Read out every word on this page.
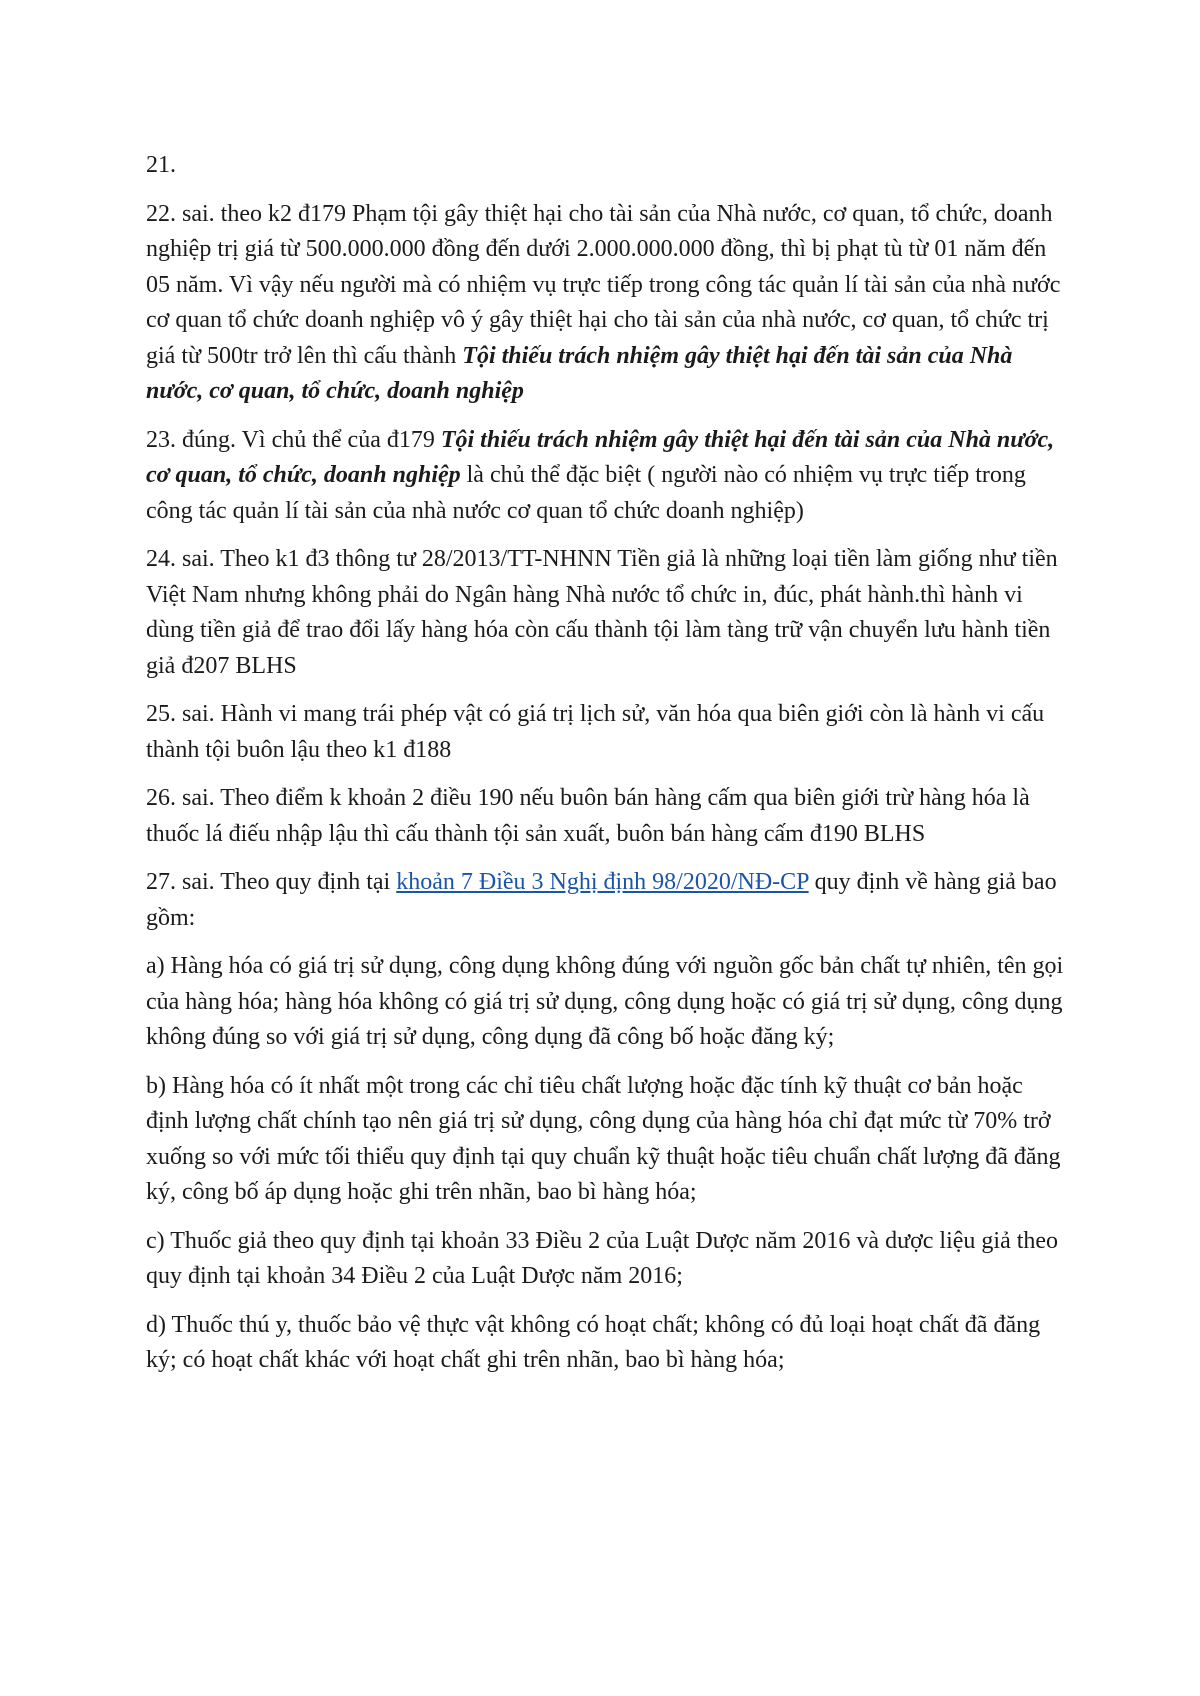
21.

22. sai. theo k2 đ179 Phạm tội gây thiệt hại cho tài sản của Nhà nước, cơ quan, tổ chức, doanh nghiệp trị giá từ 500.000.000 đồng đến dưới 2.000.000.000 đồng, thì bị phạt tù từ 01 năm đến 05 năm. Vì vậy nếu người mà có nhiệm vụ trực tiếp trong công tác quản lí tài sản của nhà nước cơ quan tổ chức doanh nghiệp vô ý gây thiệt hại cho tài sản của nhà nước, cơ quan, tổ chức trị giá từ 500tr trở lên thì cấu thành Tội thiếu trách nhiệm gây thiệt hại đến tài sản của Nhà nước, cơ quan, tổ chức, doanh nghiệp

23. đúng. Vì chủ thể của đ179 Tội thiếu trách nhiệm gây thiệt hại đến tài sản của Nhà nước, cơ quan, tổ chức, doanh nghiệp là chủ thể đặc biệt ( người nào có nhiệm vụ trực tiếp trong công tác quản lí tài sản của nhà nước cơ quan tổ chức doanh nghiệp)

24. sai. Theo k1 đ3 thông tư 28/2013/TT-NHNN Tiền giả là những loại tiền làm giống như tiền Việt Nam nhưng không phải do Ngân hàng Nhà nước tổ chức in, đúc, phát hành.thì hành vi dùng tiền giả để trao đổi lấy hàng hóa còn cấu thành tội làm tàng trữ vận chuyển lưu hành tiền giả đ207 BLHS

25. sai. Hành vi mang trái phép vật có giá trị lịch sử, văn hóa qua biên giới còn là hành vi cấu thành tội buôn lậu theo k1 đ188

26. sai. Theo điểm k khoản 2 điều 190 nếu buôn bán hàng cấm qua biên giới trừ hàng hóa là thuốc lá điếu nhập lậu thì cấu thành tội sản xuất, buôn bán hàng cấm đ190 BLHS

27. sai. Theo quy định tại khoản 7 Điều 3 Nghị định 98/2020/NĐ-CP quy định về hàng giả bao gồm:

a) Hàng hóa có giá trị sử dụng, công dụng không đúng với nguồn gốc bản chất tự nhiên, tên gọi của hàng hóa; hàng hóa không có giá trị sử dụng, công dụng hoặc có giá trị sử dụng, công dụng không đúng so với giá trị sử dụng, công dụng đã công bố hoặc đăng ký;

b) Hàng hóa có ít nhất một trong các chỉ tiêu chất lượng hoặc đặc tính kỹ thuật cơ bản hoặc định lượng chất chính tạo nên giá trị sử dụng, công dụng của hàng hóa chỉ đạt mức từ 70% trở xuống so với mức tối thiểu quy định tại quy chuẩn kỹ thuật hoặc tiêu chuẩn chất lượng đã đăng ký, công bố áp dụng hoặc ghi trên nhãn, bao bì hàng hóa;

c) Thuốc giả theo quy định tại khoản 33 Điều 2 của Luật Dược năm 2016 và dược liệu giả theo quy định tại khoản 34 Điều 2 của Luật Dược năm 2016;

d) Thuốc thú y, thuốc bảo vệ thực vật không có hoạt chất; không có đủ loại hoạt chất đã đăng ký; có hoạt chất khác với hoạt chất ghi trên nhãn, bao bì hàng hóa;
